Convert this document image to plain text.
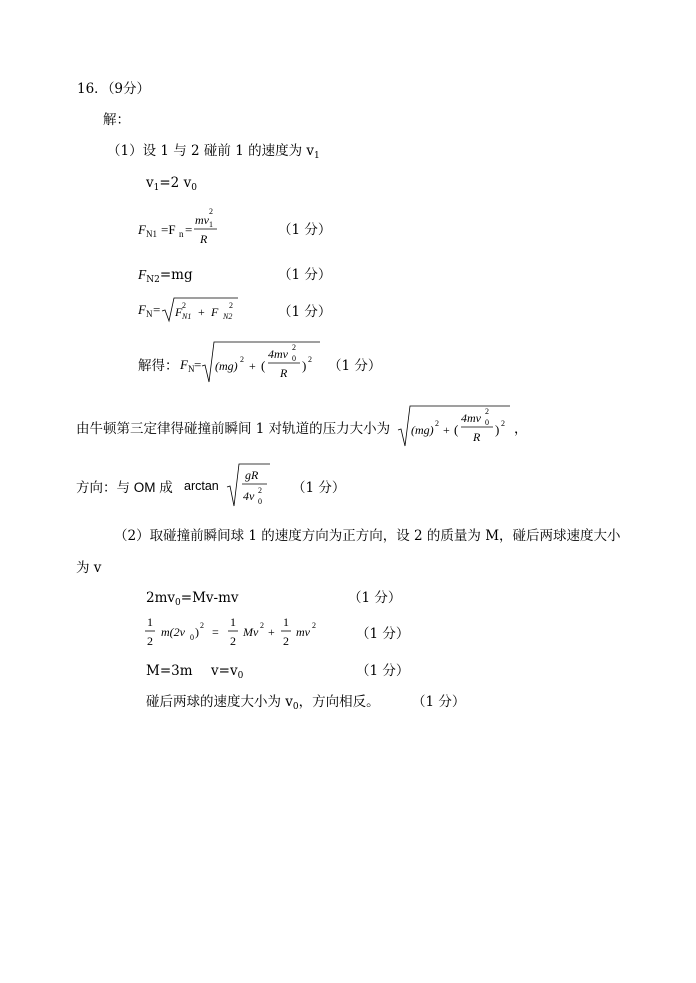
16．（9分）
解：
（1）设 1 与 2 碰前 1 的速度为 $v_1$
$v_1=2$ $v_0$
F N1 =F n =
mv
2
1
R
（1 分）
$F_{N2}=mg$	（1 分）
F N = F 2
N1 + F 2
N2	（1 分）
解得： F N = (mg) 2 + (
4mv 2
0
R ) 2 （1 分）
由牛顿第三定律得碰撞前瞬间 1 对轨道的压力大小为 (mg) 2 + (
4mv 2
0
R ) 2 ，
方向：与 OM 成 arctan
gR
4v 2
0
（1 分）
（2）取碰撞前瞬间球 1 的速度方向为正方向，设 2 的质量为 M，碰后两球速度大小
为 v
$2mv_0=Mv-mv$	（1 分）
1
2
m(2v 0 ) 2 =
1
2
Mv 2 +
1
2
mv 2
（1 分）
M=3m $v=v_0$	（1 分）
碰后两球的速度大小为 $v_0$，方向相反。 （1 分）
